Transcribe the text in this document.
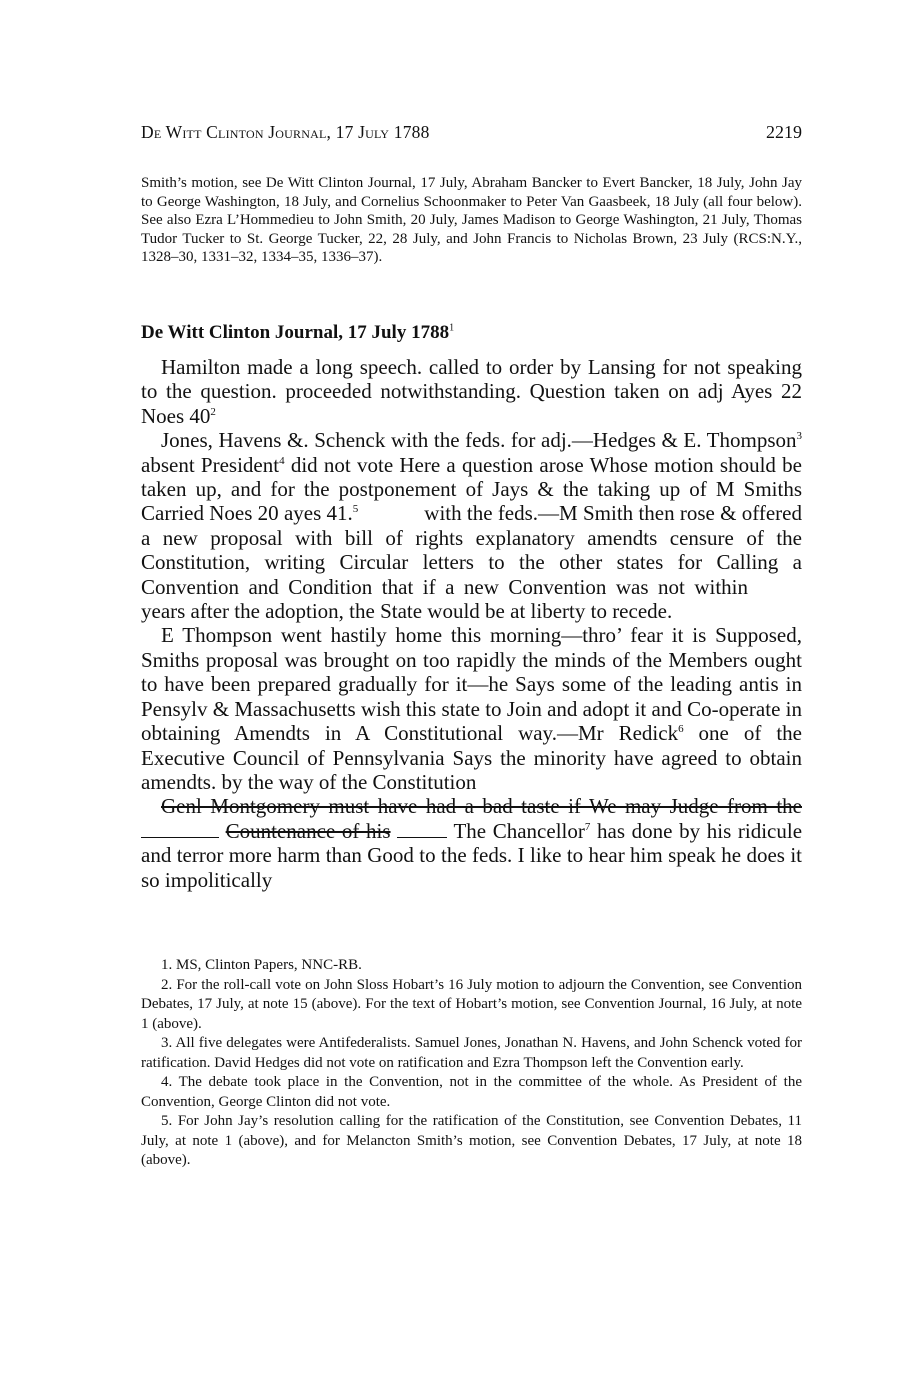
De Witt Clinton Journal, 17 July 1788	2219
Smith’s motion, see De Witt Clinton Journal, 17 July, Abraham Bancker to Evert Bancker, 18 July, John Jay to George Washington, 18 July, and Cornelius Schoonmaker to Peter Van Gaasbeek, 18 July (all four below). See also Ezra L’Hommedieu to John Smith, 20 July, James Madison to George Washington, 21 July, Thomas Tudor Tucker to St. George Tucker, 22, 28 July, and John Francis to Nicholas Brown, 23 July (RCS:N.Y., 1328–30, 1331–32, 1334–35, 1336–37).
De Witt Clinton Journal, 17 July 1788$^1$

Hamilton made a long speech. called to order by Lansing for not speaking to the question. proceeded notwithstanding. Question taken on adj Ayes 22 Noes $40^2$

Jones, Havens &. Schenck with the feds. for adj.—Hedges & E. Thompson$^3$ absent President$^4$ did not vote Here a question arose Whose motion should be taken up, and for the postponement of Jays & the taking up of M Smiths Carried Noes 20 ayes 41.$^5$	with the feds.—M Smith then rose & offered a new proposal with bill of rights explanatory amendts censure of the Constitution, writing Circular letters to the other states for Calling a Convention and Condition that if a new Convention was not withinyears after the adoption, the State would be at liberty to recede.

E Thompson went hastily home this morning—thro’ fear it is Supposed, Smiths proposal was brought on too rapidly the minds of the Members ought to have been prepared gradually for it—he Says some of the leading antis in Pensylv & Massachusetts wish this state to Join and adopt it and Co-operate in obtaining Amendts in A Constitutional way.—Mr Redick$^6$ one of the Executive Council of Pennsylvania Says the minority have agreed to obtain amendts. by the way of the Constitution

Genl Montgomery must have had a bad taste if We may Judge from the  Countenance of his	The Chancellor$^7$ has done by his ridicule and terror more harm than Good to the feds. I like to hear him speak he does it so impolitically

1. MS, Clinton Papers, NNC-RB.

2. For the roll-call vote on John Sloss Hobart’s 16 July motion to adjourn the Convention, see Convention Debates, 17 July, at note 15 (above). For the text of Hobart’s motion, see Convention Journal, 16 July, at note 1 (above).

3. All five delegates were Antifederalists. Samuel Jones, Jonathan N. Havens, and John Schenck voted for ratification. David Hedges did not vote on ratification and Ezra Thompson left the Convention early.

4. The debate took place in the Convention, not in the committee of the whole. As President of the Convention, George Clinton did not vote.

5. For John Jay’s resolution calling for the ratification of the Constitution, see Convention Debates, 11 July, at note 1 (above), and for Melancton Smith’s motion, see Convention Debates, 17 July, at note 18 (above).
